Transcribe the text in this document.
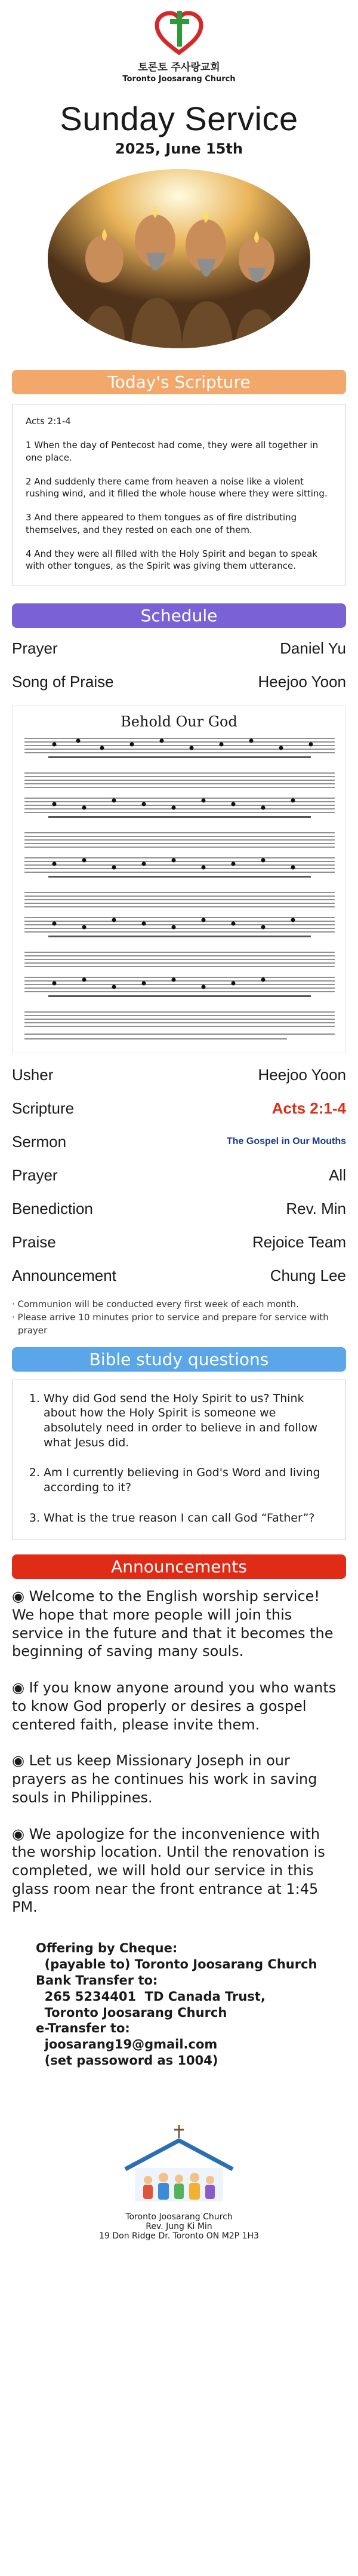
토론토 주사랑교회
Toronto Joosarang Church
Sunday Service
2025, June 15th
Today's Scripture

Acts 2:1-4

1 When the day of Pentecost had come, they were all together in one place.

2 And suddenly there came from heaven a noise like a violent rushing wind, and it filled the whole house where they were sitting.

3 And there appeared to them tongues as of fire distributing themselves, and they rested on each one of them.

4 And they were all filled with the Holy Spirit and began to speak with other tongues, as the Spirit was giving them utterance.

Schedule
Prayer	Daniel Yu
Song of Praise	Heejoo Yoon
Behold Our God
Usher	Heejoo Yoon
Scripture	Acts 2:1-4
Sermon	The Gospel in Our Mouths
Prayer	All
Benediction	Rev. Min
Praise	Rejoice Team
Announcement	Chung Lee
· Communion will be conducted every first week of each month.
· Please arrive 10 minutes prior to service and prepare for service with prayer
Bible study questions
1. Why did God send the Holy Spirit to us? Think about how the Holy Spirit is someone we absolutely need in order to believe in and follow what Jesus did.
2. Am I currently believing in God's Word and living according to it?
3. What is the true reason I can call God “Father”?
Announcements

◉ Welcome to the English worship service! We hope that more people will join this service in the future and that it becomes the beginning of saving many souls.

◉ If you know anyone around you who wants to know God properly or desires a gospel centered faith, please invite them.

◉ Let us keep Missionary Joseph in our prayers as he continues his work in saving souls in Philippines.

◉ We apologize for the inconvenience with the worship location. Until the renovation is completed, we will hold our service in this glass room near the front entrance at 1:45 PM.

Offering by Cheque:
(payable to) Toronto Joosarang Church
Bank Transfer to:
265 5234401  TD Canada Trust,
Toronto Joosarang Church
e-Transfer to:
joosarang19@gmail.com
(set passoword as 1004)
Toronto Joosarang Church
Rev. Jung Ki Min
19 Don Ridge Dr. Toronto ON M2P 1H3
